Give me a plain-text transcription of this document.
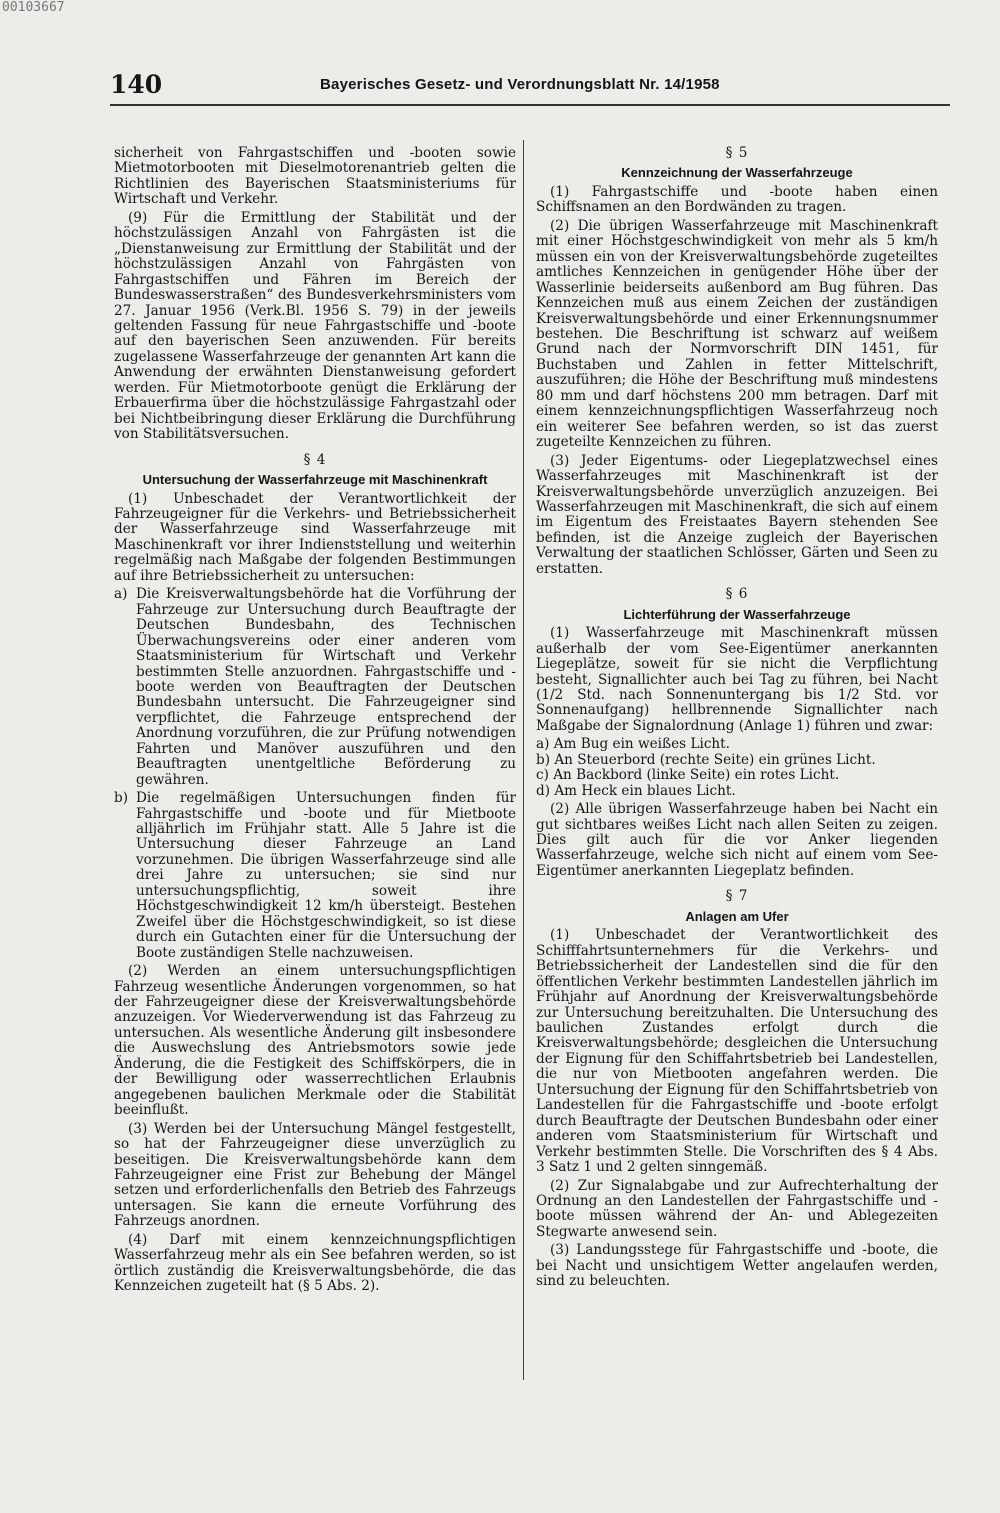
00103667
140	Bayerisches Gesetz- und Verordnungsblatt Nr. 14/1958

sicherheit von Fahrgastschiffen und -booten sowie Mietmotorbooten mit Dieselmotorenantrieb gelten die Richtlinien des Bayerischen Staatsministeriums für Wirtschaft und Verkehr.

(9) Für die Ermittlung der Stabilität und der höchstzulässigen Anzahl von Fahrgästen ist die „Dienstanweisung zur Ermittlung der Stabilität und der höchstzulässigen Anzahl von Fahrgästen von Fahrgastschiffen und Fähren im Bereich der Bundeswasserstraßen“ des Bundesverkehrsministers vom 27. Januar 1956 (Verk.Bl. 1956 S. 79) in der jeweils geltenden Fassung für neue Fahrgastschiffe und -boote auf den bayerischen Seen anzuwenden. Für bereits zugelassene Wasserfahrzeuge der genannten Art kann die Anwendung der erwähnten Dienstanweisung gefordert werden. Für Mietmotorboote genügt die Erklärung der Erbauerfirma über die höchstzulässige Fahrgastzahl oder bei Nichtbeibringung dieser Erklärung die Durchführung von Stabilitätsversuchen.

§ 4
Untersuchung der Wasserfahrzeuge mit Maschinenkraft

(1) Unbeschadet der Verantwortlichkeit der Fahrzeugeigner für die Verkehrs- und Betriebssicherheit der Wasserfahrzeuge sind Wasserfahrzeuge mit Maschinenkraft vor ihrer Indienststellung und weiterhin regelmäßig nach Maßgabe der folgenden Bestimmungen auf ihre Betriebssicherheit zu untersuchen:

a) Die Kreisverwaltungsbehörde hat die Vorführung der Fahrzeuge zur Untersuchung durch Beauftragte der Deutschen Bundesbahn, des Technischen Überwachungsvereins oder einer anderen vom Staatsministerium für Wirtschaft und Verkehr bestimmten Stelle anzuordnen. Fahrgastschiffe und -boote werden von Beauftragten der Deutschen Bundesbahn untersucht. Die Fahrzeugeigner sind verpflichtet, die Fahrzeuge entsprechend der Anordnung vorzuführen, die zur Prüfung notwendigen Fahrten und Manöver auszuführen und den Beauftragten unentgeltliche Beförderung zu gewähren.
b) Die regelmäßigen Untersuchungen finden für Fahrgastschiffe und -boote und für Mietboote alljährlich im Frühjahr statt. Alle 5 Jahre ist die Untersuchung dieser Fahrzeuge an Land vorzunehmen. Die übrigen Wasserfahrzeuge sind alle drei Jahre zu untersuchen; sie sind nur untersuchungspflichtig, soweit ihre Höchstgeschwindigkeit 12 km/h übersteigt. Bestehen Zweifel über die Höchstgeschwindigkeit, so ist diese durch ein Gutachten einer für die Untersuchung der Boote zuständigen Stelle nachzuweisen.

(2) Werden an einem untersuchungspflichtigen Fahrzeug wesentliche Änderungen vorgenommen, so hat der Fahrzeugeigner diese der Kreisverwaltungsbehörde anzuzeigen. Vor Wiederverwendung ist das Fahrzeug zu untersuchen. Als wesentliche Änderung gilt insbesondere die Auswechslung des Antriebsmotors sowie jede Änderung, die die Festigkeit des Schiffskörpers, die in der Bewilligung oder wasserrechtlichen Erlaubnis angegebenen baulichen Merkmale oder die Stabilität beeinflußt.

(3) Werden bei der Untersuchung Mängel festgestellt, so hat der Fahrzeugeigner diese unverzüglich zu beseitigen. Die Kreisverwaltungsbehörde kann dem Fahrzeugeigner eine Frist zur Behebung der Mängel setzen und erforderlichenfalls den Betrieb des Fahrzeugs untersagen. Sie kann die erneute Vorführung des Fahrzeugs anordnen.

(4) Darf mit einem kennzeichnungspflichtigen Wasserfahrzeug mehr als ein See befahren werden, so ist örtlich zuständig die Kreisverwaltungsbehörde, die das Kennzeichen zugeteilt hat (§ 5 Abs. 2).

§ 5
Kennzeichnung der Wasserfahrzeuge

(1) Fahrgastschiffe und -boote haben einen Schiffsnamen an den Bordwänden zu tragen.

(2) Die übrigen Wasserfahrzeuge mit Maschinenkraft mit einer Höchstgeschwindigkeit von mehr als 5 km/h müssen ein von der Kreisverwaltungsbehörde zugeteiltes amtliches Kennzeichen in genügender Höhe über der Wasserlinie beiderseits außenbord am Bug führen. Das Kennzeichen muß aus einem Zeichen der zuständigen Kreisverwaltungsbehörde und einer Erkennungsnummer bestehen. Die Beschriftung ist schwarz auf weißem Grund nach der Normvorschrift DIN 1451, für Buchstaben und Zahlen in fetter Mittelschrift, auszuführen; die Höhe der Beschriftung muß mindestens 80 mm und darf höchstens 200 mm betragen. Darf mit einem kennzeichnungspflichtigen Wasserfahrzeug noch ein weiterer See befahren werden, so ist das zuerst zugeteilte Kennzeichen zu führen.

(3) Jeder Eigentums- oder Liegeplatzwechsel eines Wasserfahrzeuges mit Maschinenkraft ist der Kreisverwaltungsbehörde unverzüglich anzuzeigen. Bei Wasserfahrzeugen mit Maschinenkraft, die sich auf einem im Eigentum des Freistaates Bayern stehenden See befinden, ist die Anzeige zugleich der Bayerischen Verwaltung der staatlichen Schlösser, Gärten und Seen zu erstatten.

§ 6
Lichterführung der Wasserfahrzeuge

(1) Wasserfahrzeuge mit Maschinenkraft müssen außerhalb der vom See-Eigentümer anerkannten Liegeplätze, soweit für sie nicht die Verpflichtung besteht, Signallichter auch bei Tag zu führen, bei Nacht (1/2 Std. nach Sonnenuntergang bis 1/2 Std. vor Sonnenaufgang) hellbrennende Signallichter nach Maßgabe der Signalordnung (Anlage 1) führen und zwar:

a) Am Bug ein weißes Licht.

b) An Steuerbord (rechte Seite) ein grünes Licht.

c) An Backbord (linke Seite) ein rotes Licht.

d) Am Heck ein blaues Licht.

(2) Alle übrigen Wasserfahrzeuge haben bei Nacht ein gut sichtbares weißes Licht nach allen Seiten zu zeigen. Dies gilt auch für die vor Anker liegenden Wasserfahrzeuge, welche sich nicht auf einem vom See-Eigentümer anerkannten Liegeplatz befinden.

§ 7
Anlagen am Ufer

(1) Unbeschadet der Verantwortlichkeit des Schifffahrtsunternehmers für die Verkehrs- und Betriebssicherheit der Landestellen sind die für den öffentlichen Verkehr bestimmten Landestellen jährlich im Frühjahr auf Anordnung der Kreisverwaltungsbehörde zur Untersuchung bereitzuhalten. Die Untersuchung des baulichen Zustandes erfolgt durch die Kreisverwaltungsbehörde; desgleichen die Untersuchung der Eignung für den Schiffahrtsbetrieb bei Landestellen, die nur von Mietbooten angefahren werden. Die Untersuchung der Eignung für den Schiffahrtsbetrieb von Landestellen für die Fahrgastschiffe und -boote erfolgt durch Beauftragte der Deutschen Bundesbahn oder einer anderen vom Staatsministerium für Wirtschaft und Verkehr bestimmten Stelle. Die Vorschriften des § 4 Abs. 3 Satz 1 und 2 gelten sinngemäß.

(2) Zur Signalabgabe und zur Aufrechterhaltung der Ordnung an den Landestellen der Fahrgastschiffe und -boote müssen während der An- und Ablegezeiten Stegwarte anwesend sein.

(3) Landungsstege für Fahrgastschiffe und -boote, die bei Nacht und unsichtigem Wetter angelaufen werden, sind zu beleuchten.
